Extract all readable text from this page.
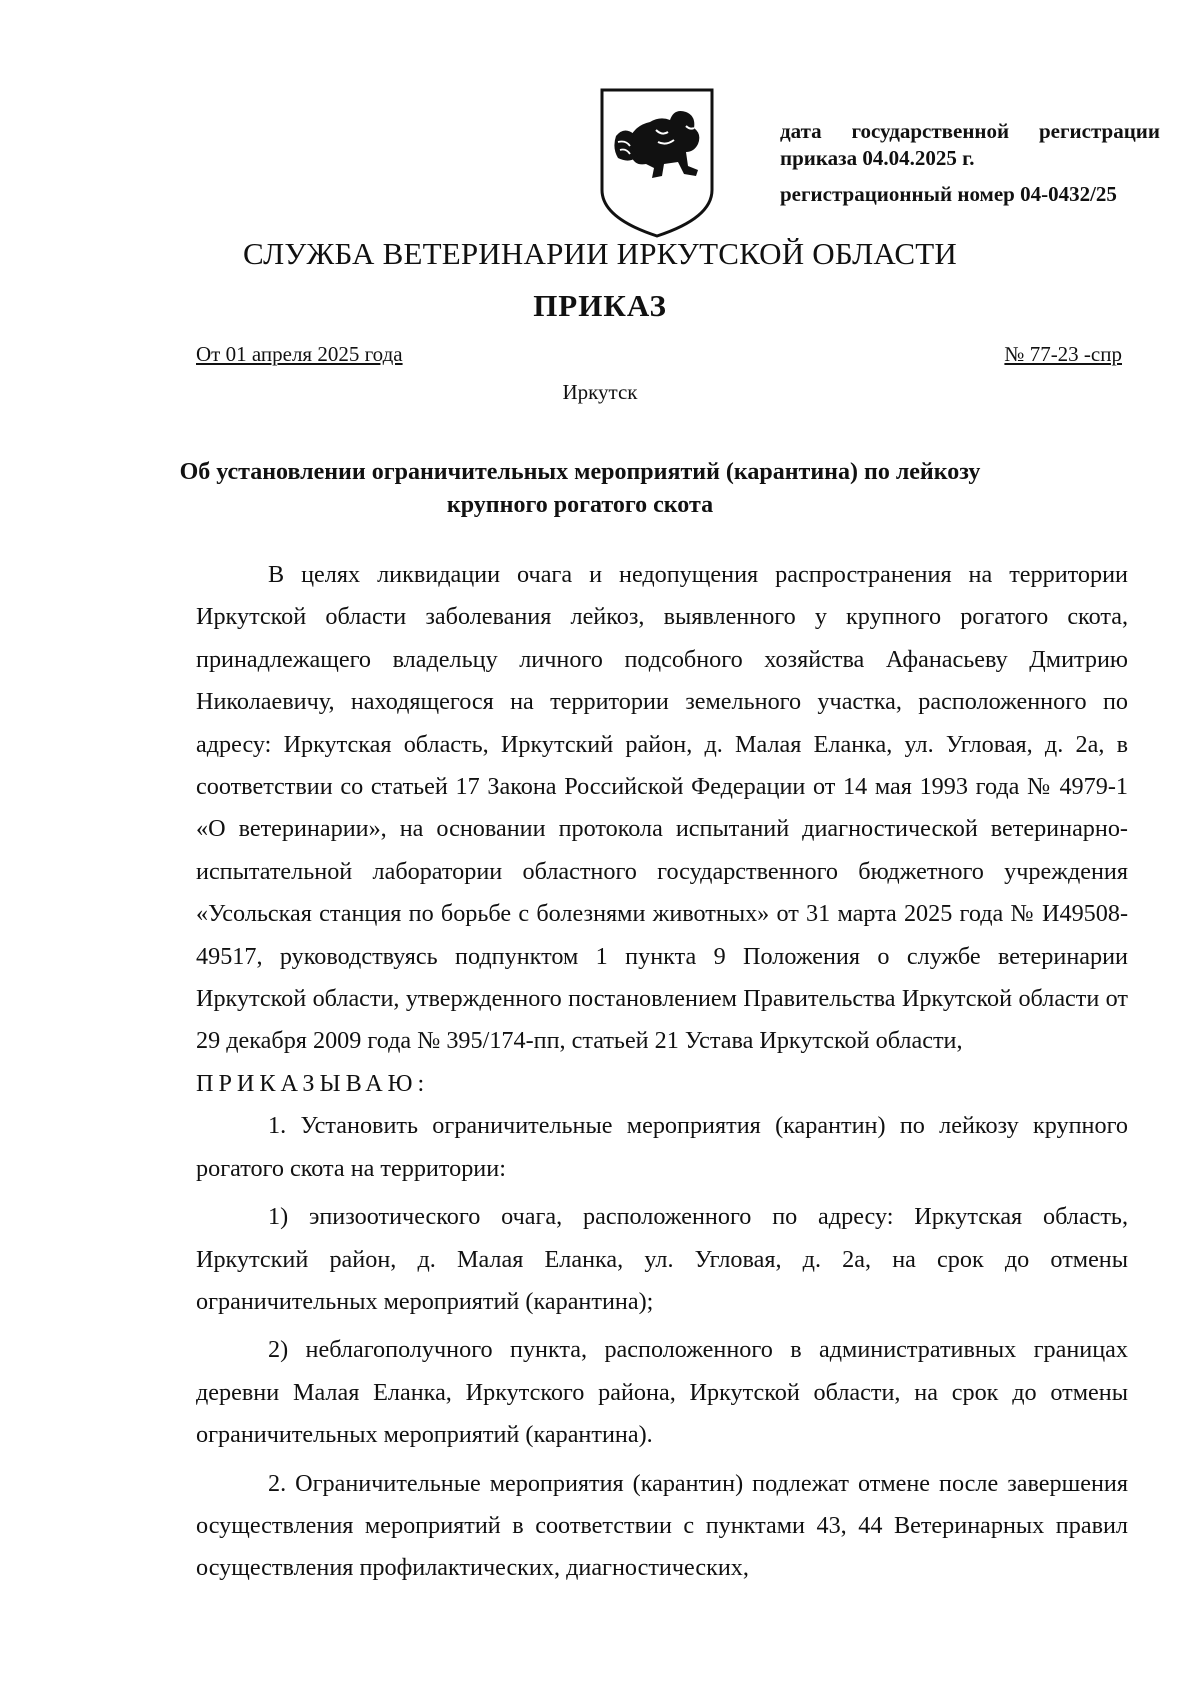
дата государственной регистрации
приказа 04.04.2025 г.
регистрационный номер 04-0432/25
СЛУЖБА ВЕТЕРИНАРИИ ИРКУТСКОЙ ОБЛАСТИ
ПРИКАЗ
От 01 апреля 2025 года	№ 77-23 -спр
Иркутск
Об установлении ограничительных мероприятий (карантина) по лейкозу крупного рогатого скота

В целях ликвидации очага и недопущения распространения на территории Иркутской области заболевания лейкоз, выявленного у крупного рогатого скота, принадлежащего владельцу личного подсобного хозяйства Афанасьеву Дмитрию Николаевичу, находящегося на территории земельного участка, расположенного по адресу: Иркутская область, Иркутский район, д. Малая Еланка, ул. Угловая, д. 2а, в соответствии со статьей 17 Закона Российской Федерации от 14 мая 1993 года № 4979-1 «О ветеринарии», на основании протокола испытаний диагностической ветеринарно-испытательной лаборатории областного государственного бюджетного учреждения «Усольская станция по борьбе с болезнями животных» от 31 марта 2025 года № И49508-49517, руководствуясь подпунктом 1 пункта 9 Положения о службе ветеринарии Иркутской области, утвержденного постановлением Правительства Иркутской области от 29 декабря 2009 года № 395/174-пп, статьей 21 Устава Иркутской области,

ПРИКАЗЫВАЮ:

1. Установить ограничительные мероприятия (карантин) по лейкозу крупного рогатого скота на территории:

1) эпизоотического очага, расположенного по адресу: Иркутская область, Иркутский район, д. Малая Еланка, ул. Угловая, д. 2а, на срок до отмены ограничительных мероприятий (карантина);

2) неблагополучного пункта, расположенного в административных границах деревни Малая Еланка, Иркутского района, Иркутской области, на срок до отмены ограничительных мероприятий (карантина).

2. Ограничительные мероприятия (карантин) подлежат отмене после завершения осуществления мероприятий в соответствии с пунктами 43, 44 Ветеринарных правил осуществления профилактических, диагностических,
